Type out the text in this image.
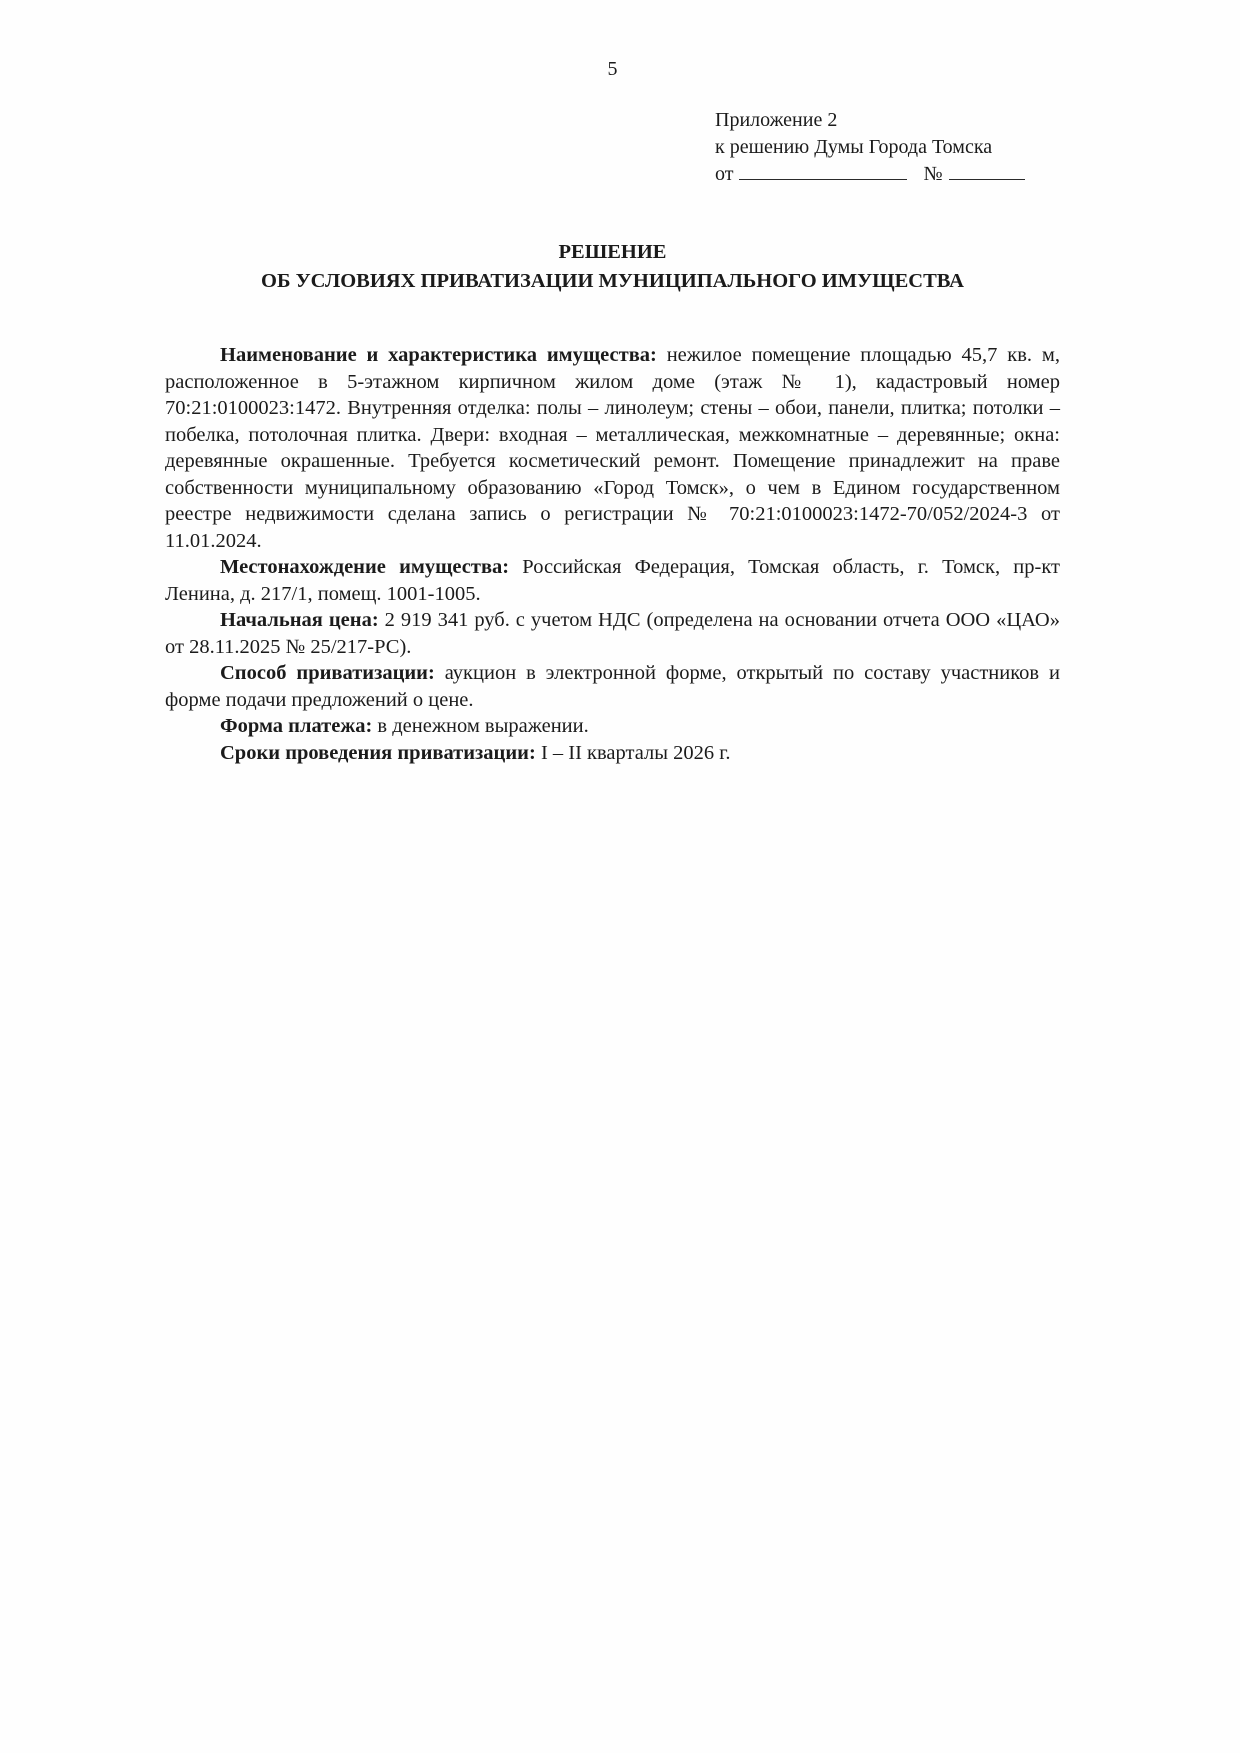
5
Приложение 2
к решению Думы Города Томска
от	№
РЕШЕНИЕ
ОБ УСЛОВИЯХ ПРИВАТИЗАЦИИ МУНИЦИПАЛЬНОГО ИМУЩЕСТВА

Наименование и характеристика имущества: нежилое помещение площадью 45,7 кв. м, расположенное в 5-этажном кирпичном жилом доме (этаж № 1), кадастровый номер 70:21:0100023:1472. Внутренняя отделка: полы – линолеум; стены – обои, панели, плитка; потолки – побелка, потолочная плитка. Двери: входная – металлическая, межкомнатные – деревянные; окна: деревянные окрашенные. Требуется косметический ремонт. Помещение принадлежит на праве собственности муниципальному образованию «Город Томск», о чем в Едином государственном реестре недвижимости сделана запись о регистрации № 70:21:0100023:1472-70/052/2024-3 от 11.01.2024.

Местонахождение имущества: Российская Федерация, Томская область, г. Томск, пр-кт Ленина, д. 217/1, помещ. 1001-1005.

Начальная цена: 2 919 341 руб. с учетом НДС (определена на основании отчета ООО «ЦАО» от 28.11.2025 № 25/217-РС).

Способ приватизации: аукцион в электронной форме, открытый по составу участников и форме подачи предложений о цене.

Форма платежа: в денежном выражении.

Сроки проведения приватизации: I – II кварталы 2026 г.
